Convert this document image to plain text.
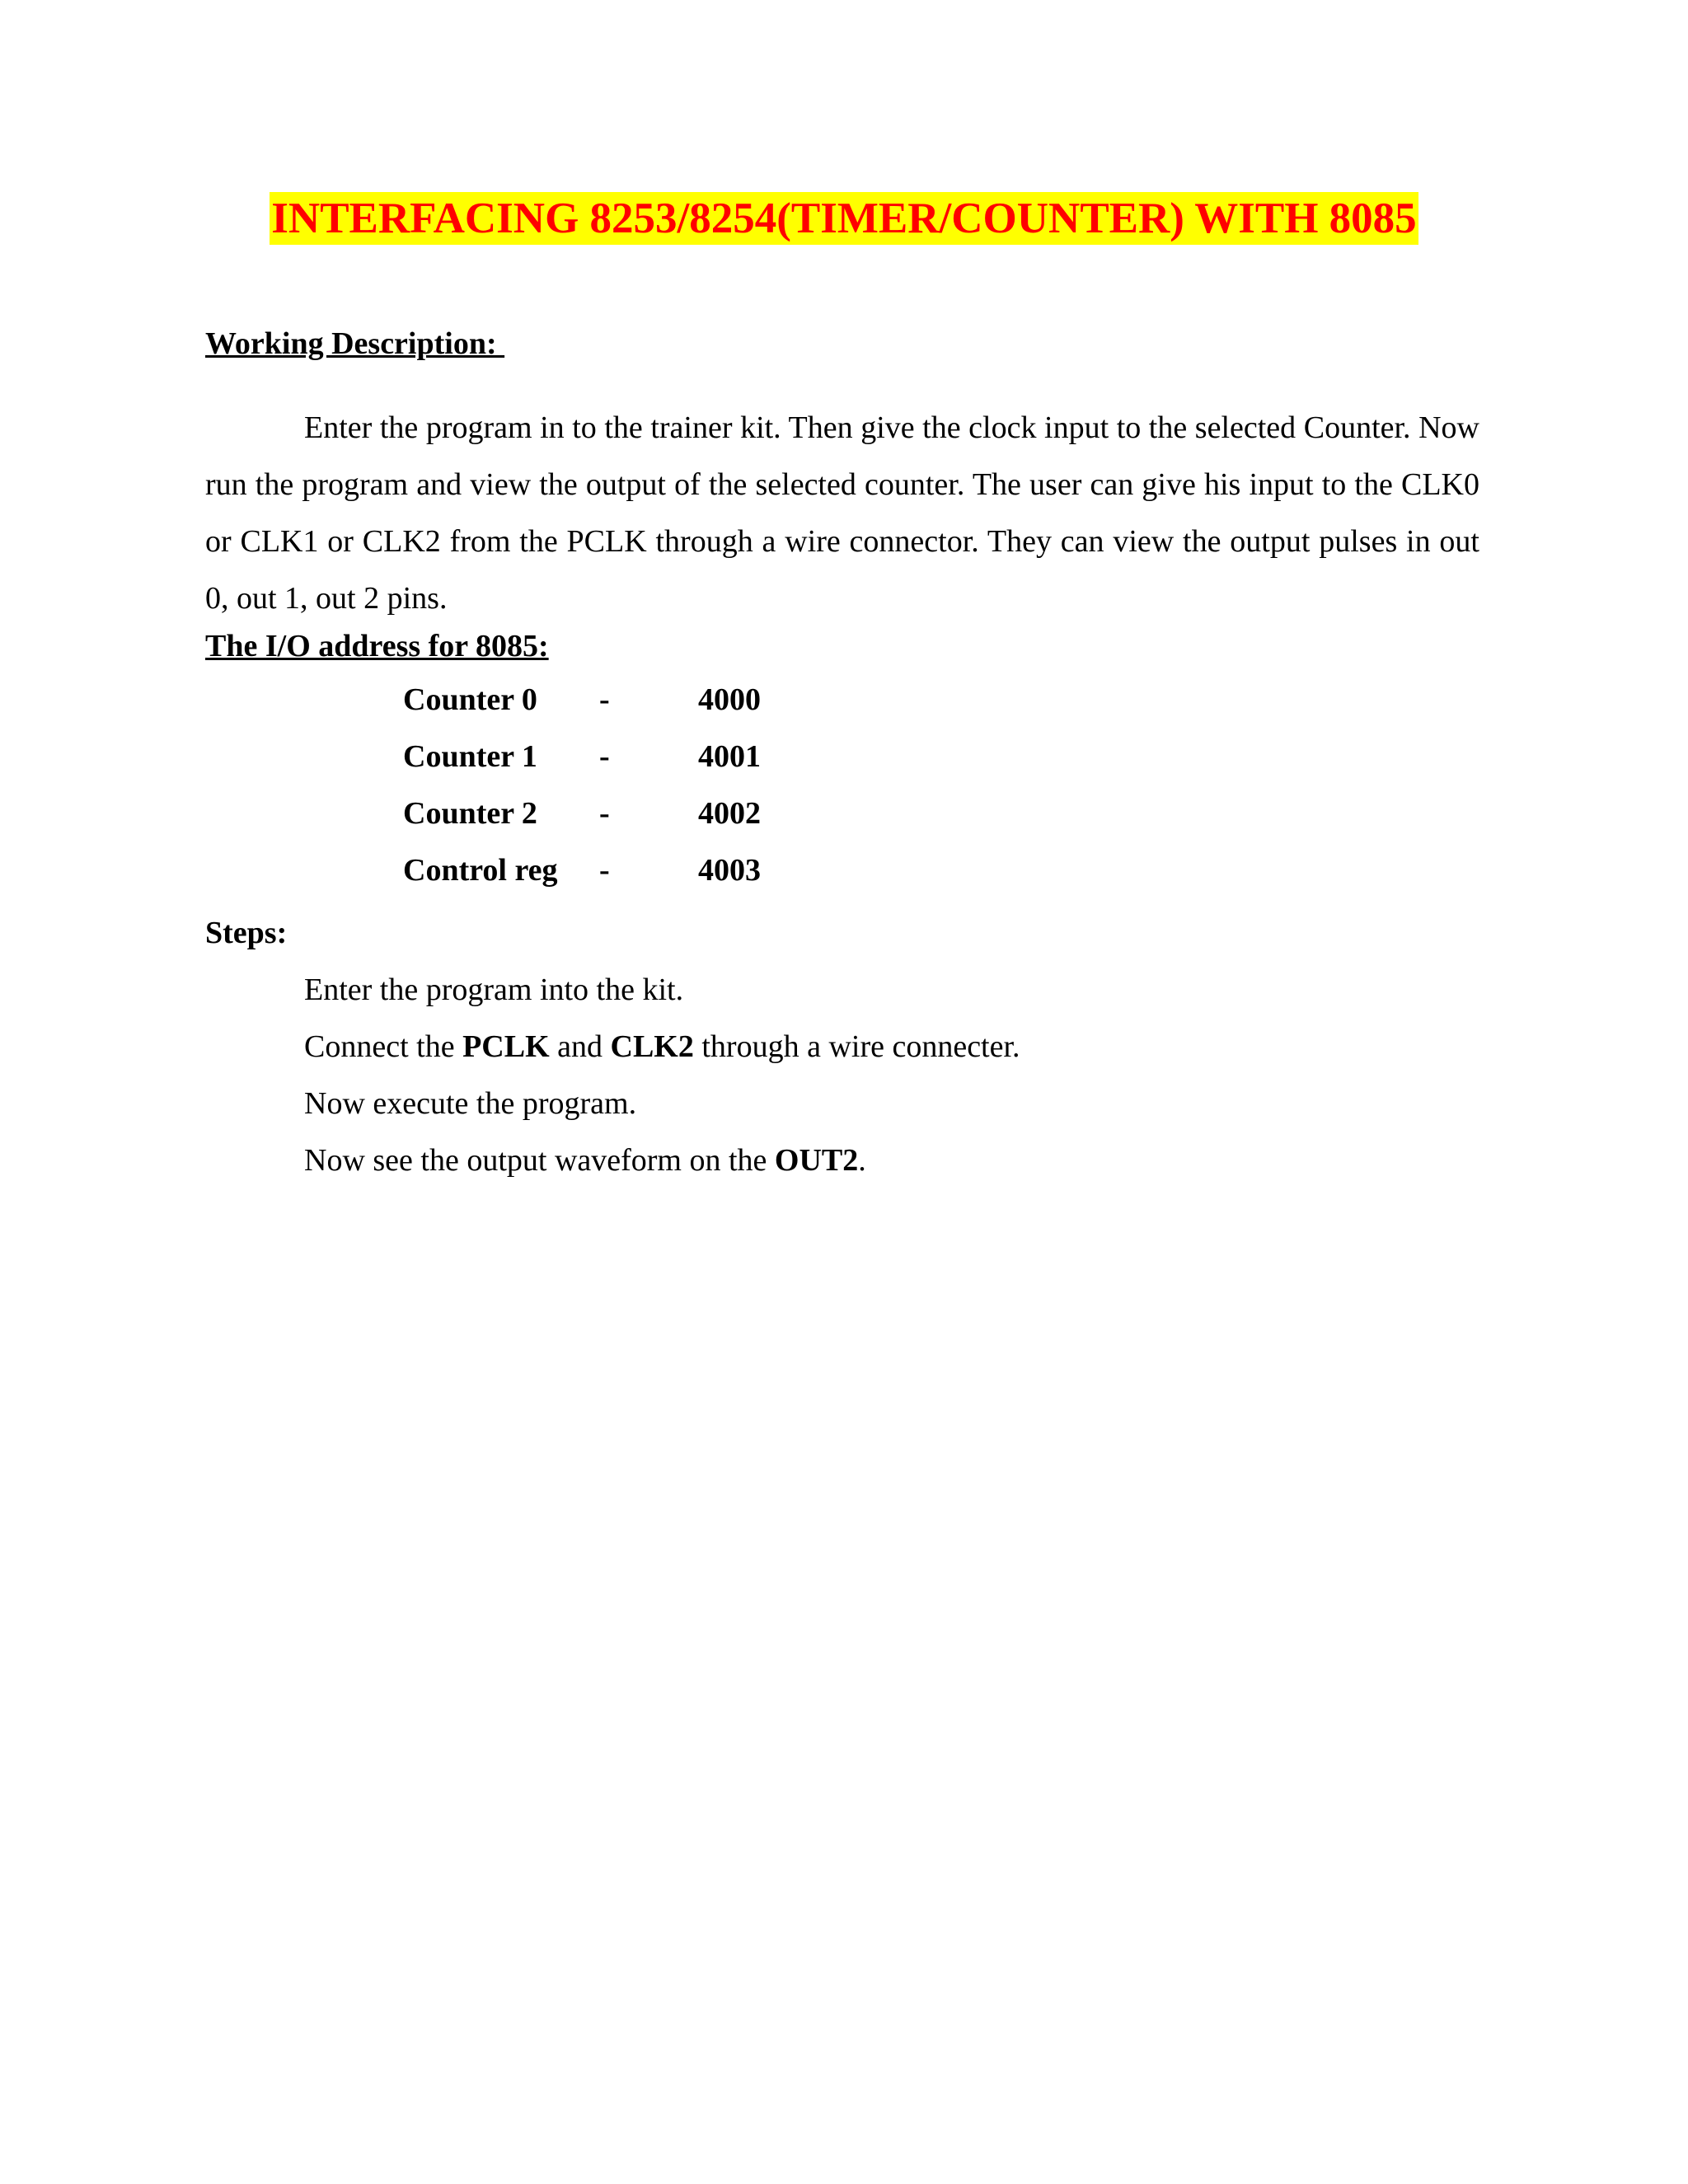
INTERFACING 8253/8254(TIMER/COUNTER) WITH 8085
Working Description:
Enter the program in to the trainer kit. Then give the clock input to the selected Counter. Now run the program and view the output of the selected counter. The user can give his input to the CLK0 or CLK1 or CLK2 from the PCLK through a wire connector. They can view the output pulses in out 0, out 1, out 2 pins.
The I/O address for 8085:
Counter 0 -	4000
Counter 1 -	4001
Counter 2 -	4002
Control reg -	4003
Steps:
Enter the program into the kit.
Connect the PCLK and CLK2 through a wire connecter.
Now execute the program.
Now see the output waveform on the OUT2.
